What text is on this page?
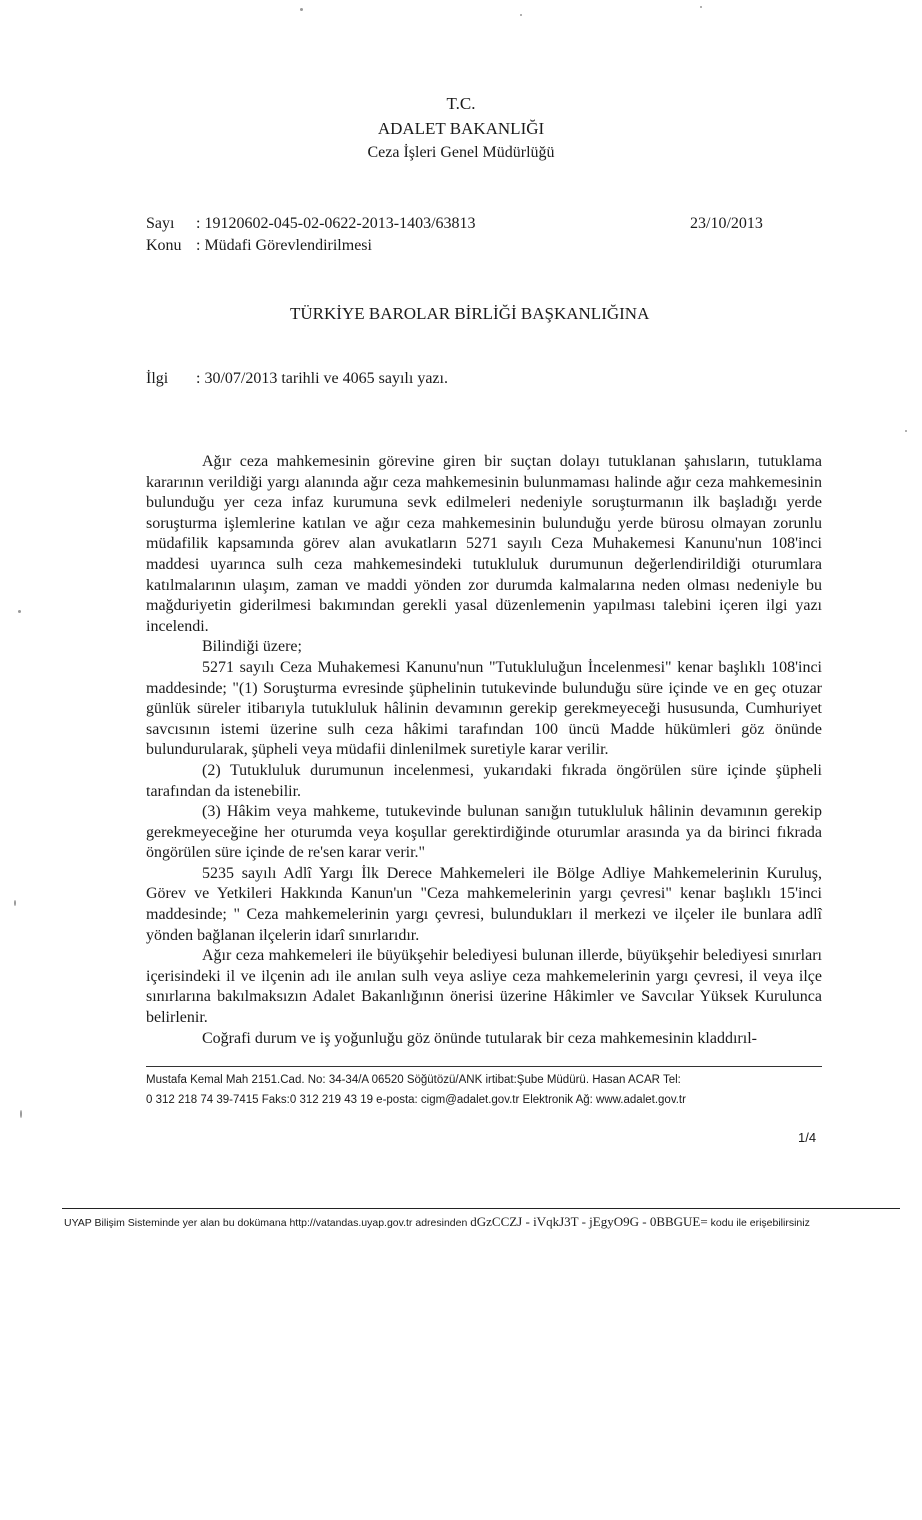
T.C.
ADALET BAKANLIĞI
Ceza İşleri Genel Müdürlüğü
Sayı : 19120602-045-02-0622-2013-1403/63813	23/10/2013
Konu : Müdafi Görevlendirilmesi
TÜRKİYE BAROLAR BİRLİĞİ BAŞKANLIĞINA
İlgi : 30/07/2013 tarihli ve 4065 sayılı yazı.

Ağır ceza mahkemesinin görevine giren bir suçtan dolayı tutuklanan şahısların, tutuklama kararının verildiği yargı alanında ağır ceza mahkemesinin bulunmaması halinde ağır ceza mahkemesinin bulunduğu yer ceza infaz kurumuna sevk edilmeleri nedeniyle soruşturmanın ilk başladığı yerde soruşturma işlemlerine katılan ve ağır ceza mahkemesinin bulunduğu yerde bürosu olmayan zorunlu müdafilik kapsamında görev alan avukatların 5271 sayılı Ceza Muhakemesi Kanunu'nun 108'inci maddesi uyarınca sulh ceza mahkemesindeki tutukluluk durumunun değerlendirildiği oturumlara katılmalarının ulaşım, zaman ve maddi yönden zor durumda kalmalarına neden olması nedeniyle bu mağduriyetin giderilmesi bakımından gerekli yasal düzenlemenin yapılması talebini içeren ilgi yazı incelendi.

Bilindiği üzere;

5271 sayılı Ceza Muhakemesi Kanunu'nun "Tutukluluğun İncelenmesi" kenar başlıklı 108'inci maddesinde; "(1) Soruşturma evresinde şüphelinin tutukevinde bulunduğu süre içinde ve en geç otuzar günlük süreler itibarıyla tutukluluk hâlinin devamının gerekip gerekmeyeceği hususunda, Cumhuriyet savcısının istemi üzerine sulh ceza hâkimi tarafından 100 üncü Madde hükümleri göz önünde bulundurularak, şüpheli veya müdafii dinlenilmek suretiyle karar verilir.

(2) Tutukluluk durumunun incelenmesi, yukarıdaki fıkrada öngörülen süre içinde şüpheli tarafından da istenebilir.

(3) Hâkim veya mahkeme, tutukevinde bulunan sanığın tutukluluk hâlinin devamının gerekip gerekmeyeceğine her oturumda veya koşullar gerektirdiğinde oturumlar arasında ya da birinci fıkrada öngörülen süre içinde de re'sen karar verir."

5235 sayılı Adlî Yargı İlk Derece Mahkemeleri ile Bölge Adliye Mahkemelerinin Kuruluş, Görev ve Yetkileri Hakkında Kanun'un "Ceza mahkemelerinin yargı çevresi" kenar başlıklı 15'inci maddesinde; " Ceza mahkemelerinin yargı çevresi, bulundukları il merkezi ve ilçeler ile bunlara adlî yönden bağlanan ilçelerin idarî sınırlarıdır.

Ağır ceza mahkemeleri ile büyükşehir belediyesi bulunan illerde, büyükşehir belediyesi sınırları içerisindeki il ve ilçenin adı ile anılan sulh veya asliye ceza mahkemelerinin yargı çevresi, il veya ilçe sınırlarına bakılmaksızın Adalet Bakanlığının önerisi üzerine Hâkimler ve Savcılar Yüksek Kurulunca belirlenir.

Coğrafi durum ve iş yoğunluğu göz önünde tutularak bir ceza mahkemesinin kladdırıl-

Mustafa Kemal Mah 2151.Cad. No: 34-34/A 06520 Söğütözü/ANK irtibat:Şube Müdürü. Hasan ACAR Tel:
0 312 218 74 39-7415 Faks:0 312 219 43 19 e-posta: cigm@adalet.gov.tr Elektronik Ağ: www.adalet.gov.tr
1/4
UYAP Bilişim Sisteminde yer alan bu dokümana http://vatandas.uyap.gov.tr adresinden dGzCCZJ - iVqkJ3T - jEgyO9G - 0BBGUE= kodu ile erişebilirsiniz
